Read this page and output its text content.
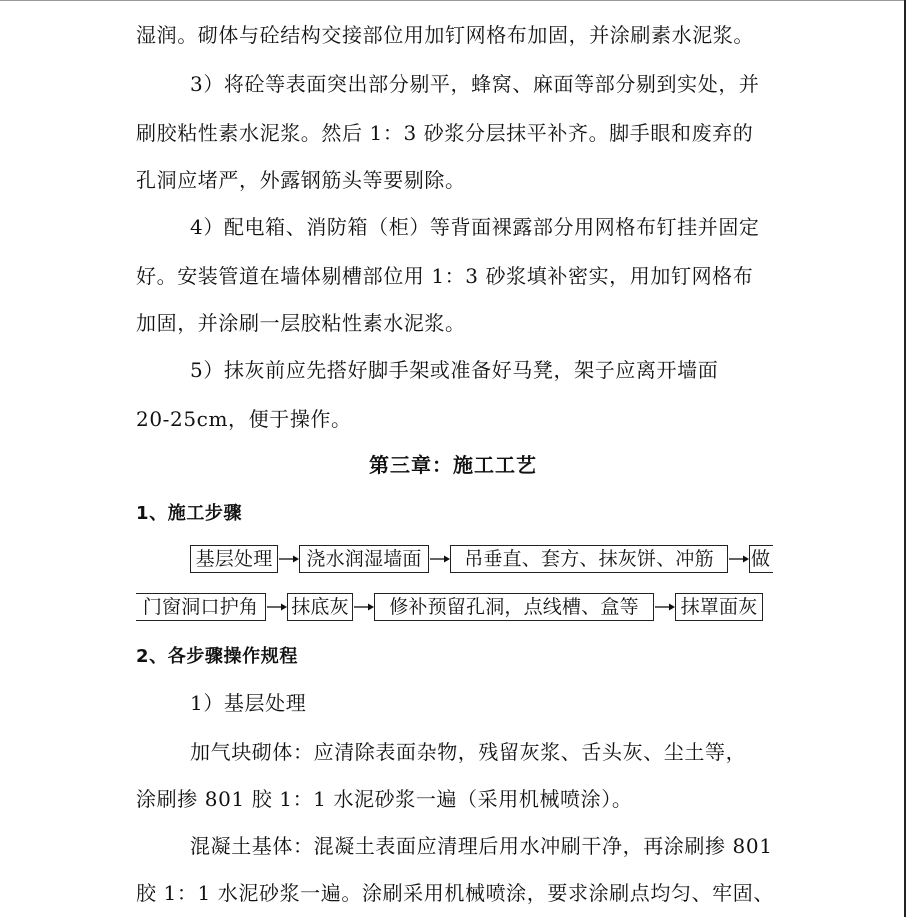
湿润。砌体与砼结构交接部位用加钉网格布加固，并涂刷素水泥浆。
3）将砼等表面突出部分剔平，蜂窝、麻面等部分剔到实处，并
刷胶粘性素水泥浆。然后 1：3 砂浆分层抹平补齐。脚手眼和废弃的
孔洞应堵严，外露钢筋头等要剔除。
4）配电箱、消防箱（柜）等背面裸露部分用网格布钉挂并固定
好。安装管道在墙体剔槽部位用 1：3 砂浆填补密实，用加钉网格布
加固，并涂刷一层胶粘性素水泥浆。
5）抹灰前应先搭好脚手架或准备好马凳，架子应离开墙面
20-25cm，便于操作。
第三章：施工工艺
1、施工步骤
基层处理	浇水润湿墙面	吊垂直、套方、抹灰饼、冲筋	做
门窗洞口护角	抹底灰	修补预留孔洞，点线槽、盒等	抹罩面灰
2、各步骤操作规程
1）基层处理
加气块砌体：应清除表面杂物，残留灰浆、舌头灰、尘土等，
涂刷掺 801 胶 1：1 水泥砂浆一遍（采用机械喷涂）。
混凝土基体：混凝土表面应清理后用水冲刷干净，再涂刷掺 801
胶 1：1 水泥砂浆一遍。涂刷采用机械喷涂，要求涂刷点均匀、牢固、
